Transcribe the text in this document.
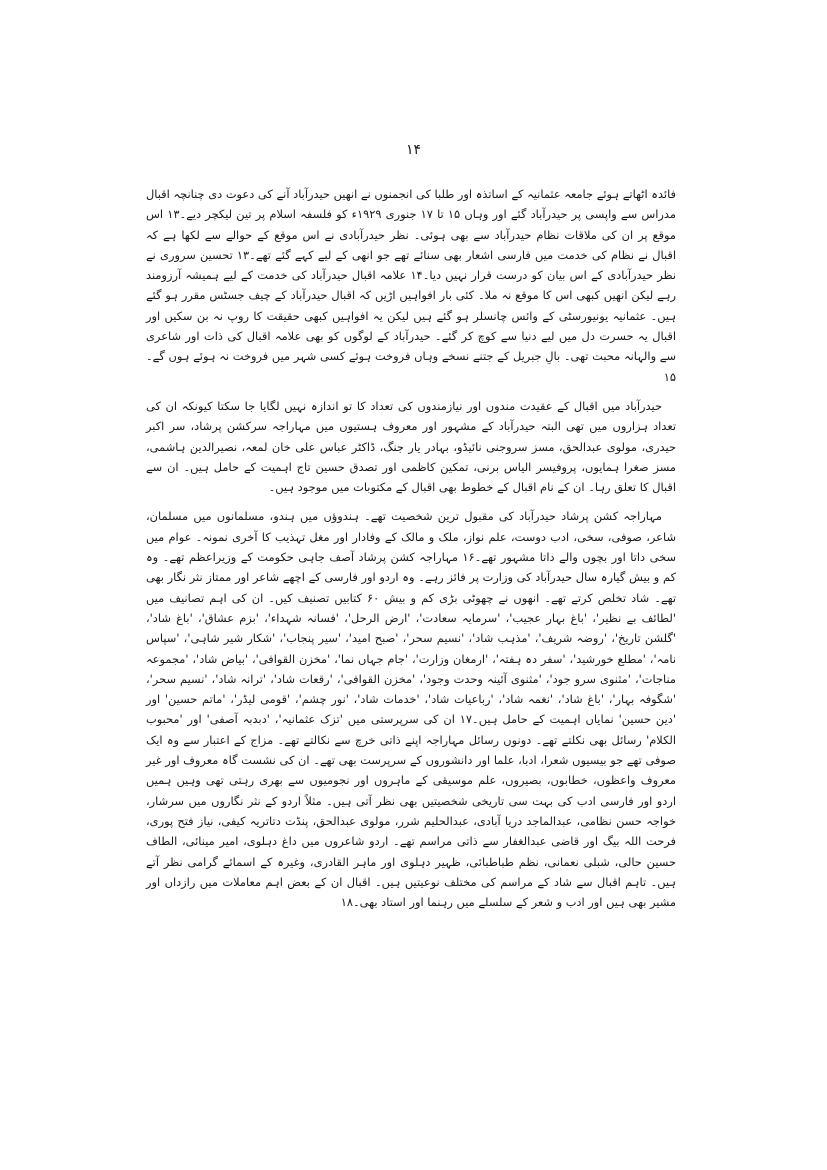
۱۴

فائدہ اٹھاتے ہوئے جامعہ عثمانیہ کے اساتذہ اور طلبا کی انجمنوں نے انھیں حیدرآباد آنے کی دعوت دی چنانچہ اقبال مدراس سے واپسی پر حیدرآباد گئے اور وہاں ۱۵ تا ۱۷ جنوری ۱۹۲۹ء کو فلسفہ اسلام پر تین لیکچر دیے۔۱۳ اس موقع پر ان کی ملاقات نظام حیدرآباد سے بھی ہوئی۔ نظر حیدرآبادی نے اس موقع کے حوالے سے لکھا ہے کہ اقبال نے نظام کی خدمت میں فارسی اشعار بھی سنائے تھے جو انھی کے لیے کہے گئے تھے۔۱۳ تحسین سروری نے نظر حیدرآبادی کے اس بیان کو درست قرار نہیں دیا۔۱۴ علامہ اقبال حیدرآباد کی خدمت کے لیے ہمیشہ آرزومند رہے لیکن انھیں کبھی اس کا موقع نہ ملا۔ کئی بار افواہیں اڑیں کہ اقبال حیدرآباد کے چیف جسٹس مقرر ہو گئے ہیں۔ عثمانیہ یونیورسٹی کے وائس چانسلر ہو گئے ہیں لیکن یہ افواہیں کبھی حقیقت کا روپ نہ بن سکیں اور اقبال یہ حسرت دل میں لیے دنیا سے کوچ کر گئے۔ حیدرآباد کے لوگوں کو بھی علامہ اقبال کی ذات اور شاعری سے والہانہ محبت تھی۔ بالِ جبریل کے جتنے نسخے وہاں فروخت ہوئے کسی شہر میں فروخت نہ ہوئے ہوں گے۔۱۵

حیدرآباد میں اقبال کے عقیدت مندوں اور نیازمندوں کی تعداد کا تو اندازہ نہیں لگایا جا سکتا کیونکہ ان کی تعداد ہزاروں میں تھی البتہ حیدرآباد کے مشہور اور معروف ہستیوں میں مہاراجہ سرکشن پرشاد، سر اکبر حیدری، مولوی عبدالحق، مسز سروجنی نائیڈو، بہادر یار جنگ، ڈاکٹر عباس علی خان لمعہ، نصیرالدین ہاشمی، مسز صغرا ہمایوں، پروفیسر الیاس برنی، تمکین کاظمی اور تصدق حسین تاج اہمیت کے حامل ہیں۔ ان سے اقبال کا تعلق رہا۔ ان کے نام اقبال کے خطوط بھی اقبال کے مکتوبات میں موجود ہیں۔

مہاراجہ کشن پرشاد حیدرآباد کی مقبول ترین شخصیت تھے۔ ہندوؤں میں ہندو، مسلمانوں میں مسلمان، شاعر، صوفی، سخی، ادب دوست، علم نواز، ملک و مالک کے وفادار اور مغل تہذیب کا آخری نمونہ۔ عوام میں سخی داتا اور بچوں والے داتا مشہور تھے۔۱۶ مہاراجہ کشن پرشاد آصف جاہی حکومت کے وزیراعظم تھے۔ وہ کم و بیش گیارہ سال حیدرآباد کی وزارت پر فائز رہے۔ وہ اردو اور فارسی کے اچھے شاعر اور ممتاز نثر نگار بھی تھے۔ شاد تخلص کرتے تھے۔ انھوں نے چھوٹی بڑی کم و بیش ۶۰ کتابیں تصنیف کیں۔ ان کی اہم تصانیف میں 'لطائف بے نظیر'، 'باغ بہار عجیب'، 'سرمایہ سعادت'، 'ارض الرحل'، 'فسانہ شہداء'، 'بزم عشاق'، 'باغ شاد'، 'گلشن تاریخ'، 'روضہ شریف'، 'مذہب شاد'، 'نسیم سحر'، 'صبح امید'، 'سیر پنجاب'، 'شکار شیر شاہی'، 'سپاس نامہ'، 'مطلع خورشید'، 'سفر دہ ہفتہ'، 'ارمغان وزارت'، 'جام جہاں نما'، 'مخزن القوافی'، 'بیاض شاد'، 'مجموعہ مناجات'، 'مثنوی سرو جود'، 'مثنوی آئینہ وحدت وجود'، 'مخزن القوافی'، 'رقعات شاد'، 'ترانہ شاد'، 'نسیم سحر'، 'شگوفہ بہار'، 'باغ شاد'، 'نغمہ شاد'، 'رباعیات شاد'، 'خدمات شاد'، 'نور چشم'، 'قومی لیڈر'، 'ماتم حسین' اور 'دین حسین' نمایاں اہمیت کے حامل ہیں۔۱۷ ان کی سرپرستی میں 'تزک عثمانیہ'، 'دبدبہ آصفی' اور 'محبوب الکلام' رسائل بھی نکلتے تھے۔ دونوں رسائل مہاراجہ اپنے ذاتی خرچ سے نکالتے تھے۔ مزاج کے اعتبار سے وہ ایک صوفی تھے جو بیسیوں شعرا، ادبا، علما اور دانشوروں کے سرپرست بھی تھے۔ ان کی نشست گاہ معروف اور غیر معروف واعظوں، خطابوں، بصیروں، علم موسیقی کے ماہروں اور نجومیوں سے بھری رہتی تھی وہیں ہمیں اردو اور فارسی ادب کی بہت سی تاریخی شخصیتیں بھی نظر آتی ہیں۔ مثلاً اردو کے نثر نگاروں میں سرشار، خواجہ حسن نظامی، عبدالماجد دریا آبادی، عبدالحلیم شرر، مولوی عبدالحق، پنڈت دتاتریہ کیفی، نیاز فتح پوری، فرحت اللہ بیگ اور قاضی عبدالغفار سے ذاتی مراسم تھے۔ اردو شاعروں میں داغ دہلوی، امیر مینائی، الطاف حسین حالی، شبلی نعمانی، نظم طباطبائی، ظہیر دہلوی اور ماہر القادری، وغیرہ کے اسمائے گرامی نظر آتے ہیں۔ تاہم اقبال سے شاد کے مراسم کی مختلف نوعیتیں ہیں۔ اقبال ان کے بعض اہم معاملات میں رازداں اور مشیر بھی ہیں اور ادب و شعر کے سلسلے میں رہنما اور استاد بھی۔۱۸
